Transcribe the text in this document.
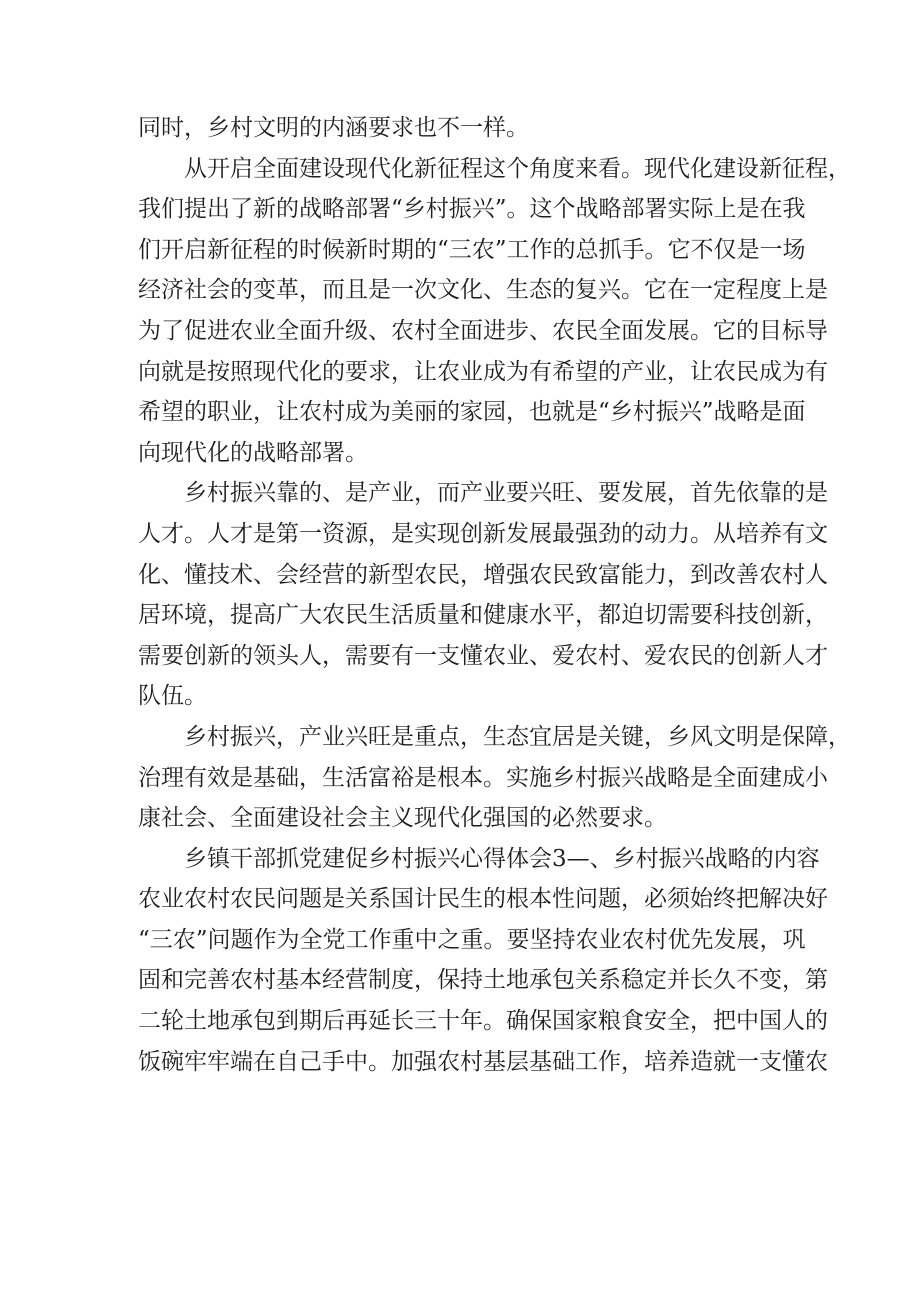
同时，乡村文明的内涵要求也不一样。
从开启全面建设现代化新征程这个角度来看。现代化建设新征程，
我们提出了新的战略部署“乡村振兴”。这个战略部署实际上是在我
们开启新征程的时候新时期的“三农”工作的总抓手。它不仅是一场
经济社会的变革，而且是一次文化、生态的复兴。它在一定程度上是
为了促进农业全面升级、农村全面进步、农民全面发展。它的目标导
向就是按照现代化的要求，让农业成为有希望的产业，让农民成为有
希望的职业，让农村成为美丽的家园，也就是“乡村振兴”战略是面
向现代化的战略部署。
乡村振兴靠的、是产业，而产业要兴旺、要发展，首先依靠的是
人才。人才是第一资源，是实现创新发展最强劲的动力。从培养有文
化、懂技术、会经营的新型农民，增强农民致富能力，到改善农村人
居环境，提高广大农民生活质量和健康水平，都迫切需要科技创新，
需要创新的领头人，需要有一支懂农业、爱农村、爱农民的创新人才
队伍。
乡村振兴，产业兴旺是重点，生态宜居是关键，乡风文明是保障，
治理有效是基础，生活富裕是根本。实施乡村振兴战略是全面建成小
康社会、全面建设社会主义现代化强国的必然要求。
乡镇干部抓党建促乡村振兴心得体会3—、乡村振兴战略的内容
农业农村农民问题是关系国计民生的根本性问题，必须始终把解决好
“三农”问题作为全党工作重中之重。要坚持农业农村优先发展，巩
固和完善农村基本经营制度，保持土地承包关系稳定并长久不变，第
二轮土地承包到期后再延长三十年。确保国家粮食安全，把中国人的
饭碗牢牢端在自己手中。加强农村基层基础工作，培养造就一支懂农
